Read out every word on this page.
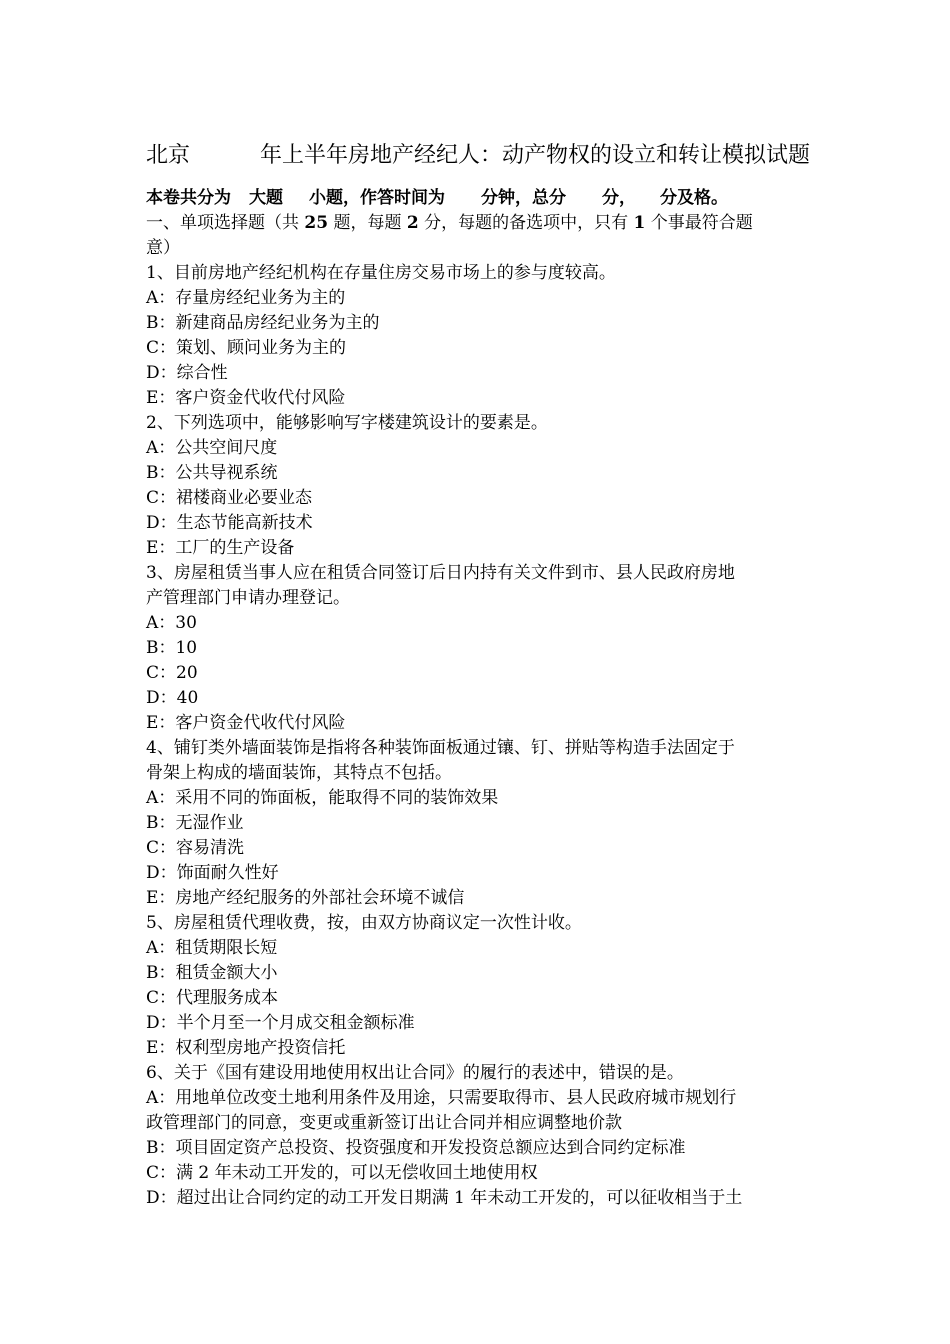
北京	年上半年房地产经纪人：动产物权的设立和转让模拟试题
本卷共分为 大题 小题，作答时间为 分钟，总分 分， 分及格。
一、单项选择题（共 25 题，每题 2 分，每题的备选项中，只有 1 个事最符合题
意）
1、目前房地产经纪机构在存量住房交易市场上的参与度较高。
A：存量房经纪业务为主的
B：新建商品房经纪业务为主的
C：策划、顾问业务为主的
D：综合性
E：客户资金代收代付风险
2、下列选项中，能够影响写字楼建筑设计的要素是。
A：公共空间尺度
B：公共导视系统
C：裙楼商业必要业态
D：生态节能高新技术
E：工厂的生产设备
3、房屋租赁当事人应在租赁合同签订后日内持有关文件到市、县人民政府房地
产管理部门申请办理登记。
A：30
B：10
C：20
D：40
E：客户资金代收代付风险
4、铺钉类外墙面装饰是指将各种装饰面板通过镶、钉、拼贴等构造手法固定于
骨架上构成的墙面装饰，其特点不包括。
A：采用不同的饰面板，能取得不同的装饰效果
B：无湿作业
C：容易清洗
D：饰面耐久性好
E：房地产经纪服务的外部社会环境不诚信
5、房屋租赁代理收费，按，由双方协商议定一次性计收。
A：租赁期限长短
B：租赁金额大小
C：代理服务成本
D：半个月至一个月成交租金额标准
E：权利型房地产投资信托
6、关于《国有建设用地使用权出让合同》的履行的表述中，错误的是。
A：用地单位改变土地利用条件及用途，只需要取得市、县人民政府城市规划行
政管理部门的同意，变更或重新签订出让合同并相应调整地价款
B：项目固定资产总投资、投资强度和开发投资总额应达到合同约定标准
C：满 2 年未动工开发的，可以无偿收回土地使用权
D：超过出让合同约定的动工开发日期满 1 年未动工开发的，可以征收相当于土
